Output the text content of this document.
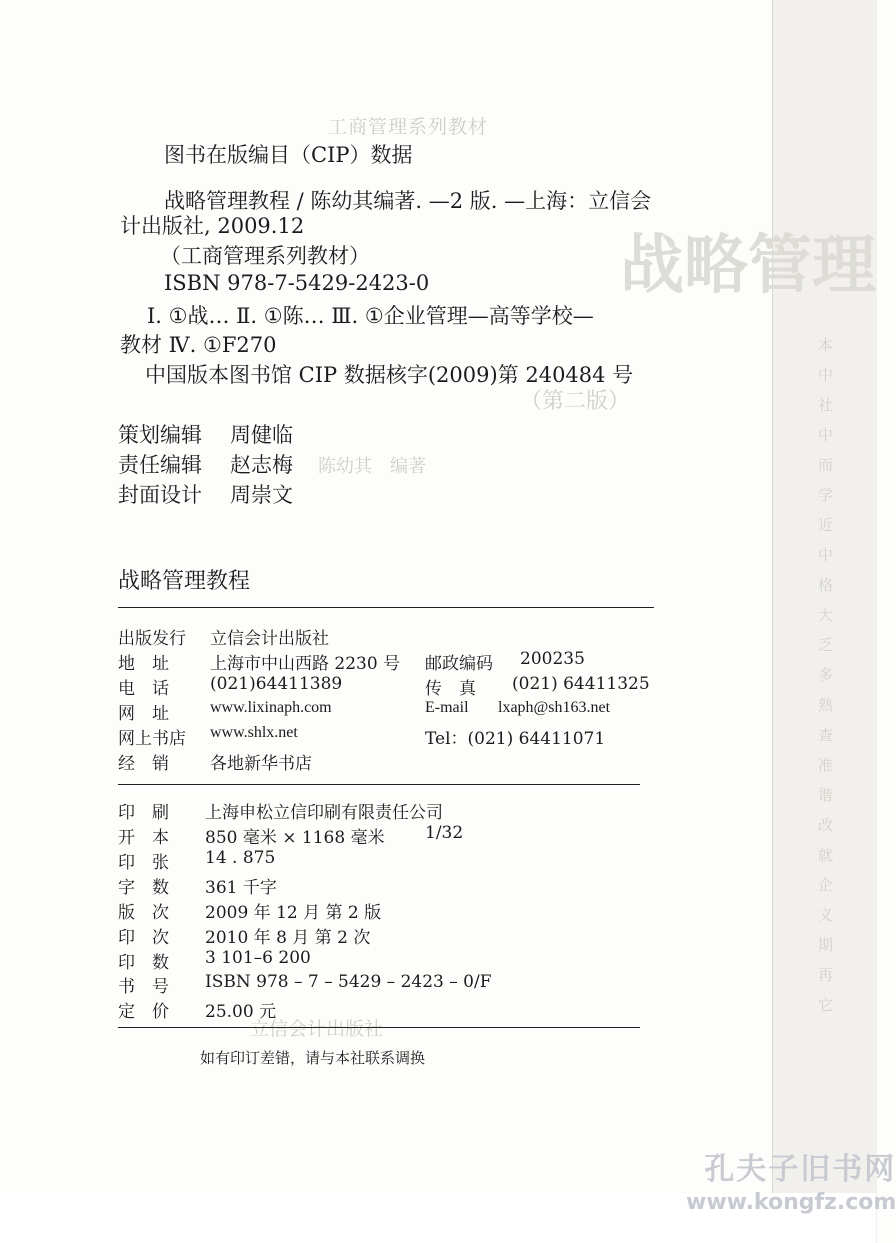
本
中
社
中
而
学
近
中
格
大
乏
多
熟
查
准
谐
改
就
企
义
期
再
它
工商管理系列教材
战略管理
（第二版）
陈幼其　编著
立信会计出版社
图书在版编目（CIP）数据
战略管理教程 / 陈幼其编著. —2 版. —上海：立信会
计出版社, 2009.12
（工商管理系列教材）
ISBN 978-7-5429-2423-0
Ⅰ. ①战… Ⅱ. ①陈… Ⅲ. ①企业管理—高等学校—
教材 Ⅳ. ①F270
中国版本图书馆 CIP 数据核字(2009)第 240484 号
策划编辑 周健临
责任编辑 赵志梅
封面设计 周崇文
战略管理教程
出版发行 立信会计出版社
地　址 上海市中山西路 2230 号 邮政编码 200235
电　话 (021)64411389	传　真 (021) 64411325
网　址	www.lixinaph.com	E-mail lxaph@sh163.net
网上书店 www.shlx.net	Tel：(021) 64411071
经　销 各地新华书店
印　刷 上海申松立信印刷有限责任公司
开　本 850 毫米 × 1168 毫米 1/32
印　张 14 . 875
字　数 361 千字
版　次 2009 年 12 月 第 2 版
印　次 2010 年 8 月 第 2 次
印　数 3 101–6 200
书　号 ISBN 978 – 7 – 5429 – 2423 – 0/F
定　价 25.00 元
如有印订差错，请与本社联系调换
孔夫子旧书网
www.kongfz.com
